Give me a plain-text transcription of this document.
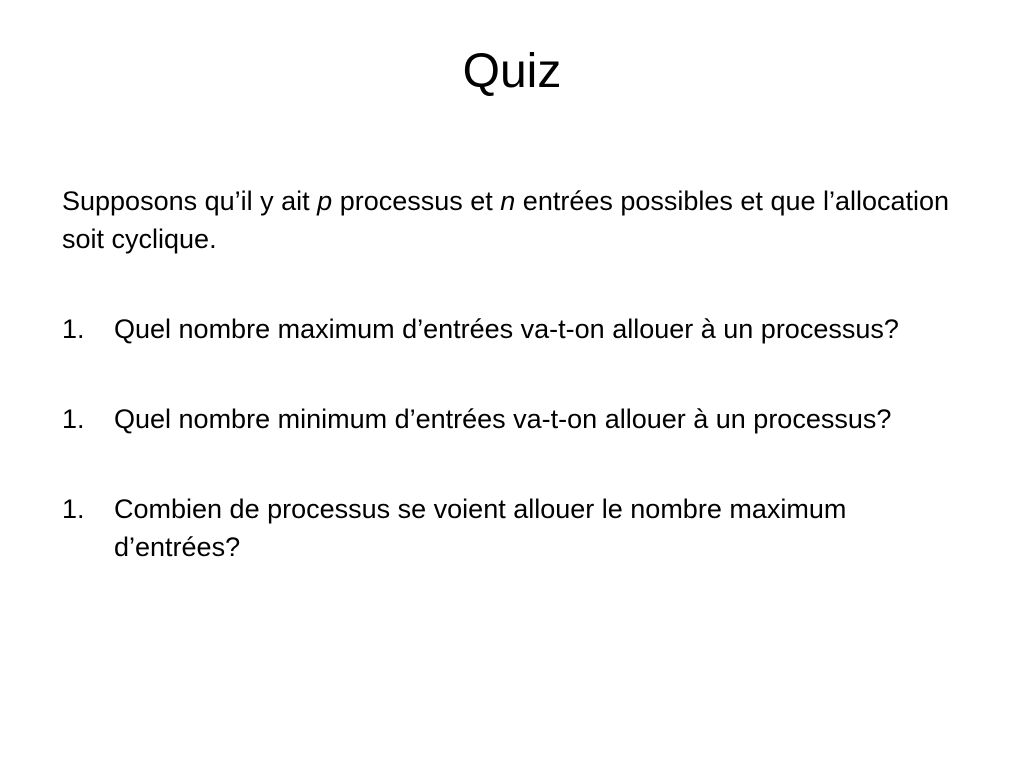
Quiz

Supposons qu’il y ait p processus et n entrées possibles et que l’allocation soit cyclique.

1. Quel nombre maximum d’entrées va-t-on allouer à un processus?
1. Quel nombre minimum d’entrées va-t-on allouer à un processus?
1. Combien de processus se voient allouer le nombre maximum d’entrées?
